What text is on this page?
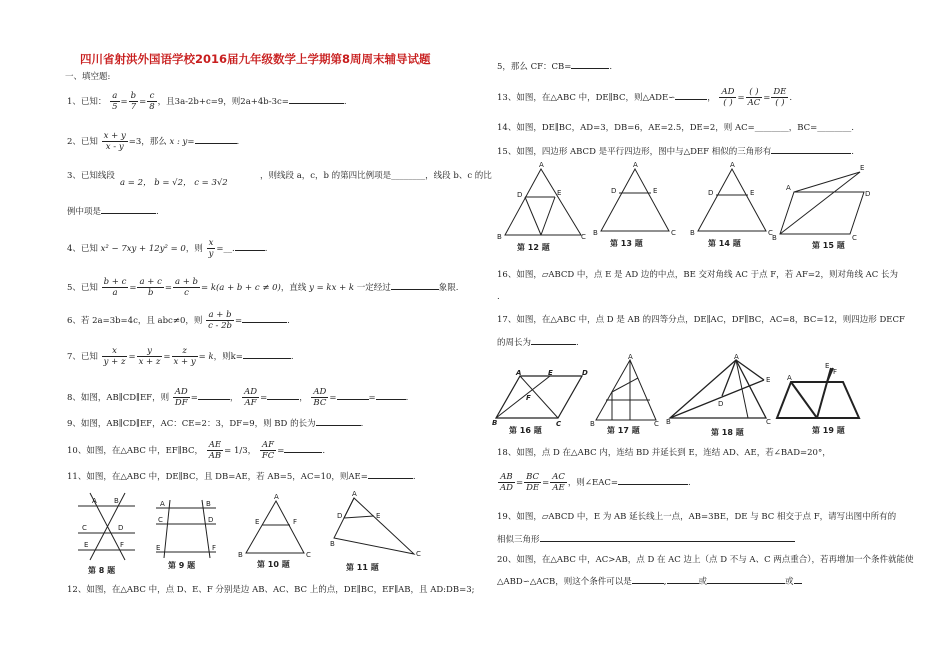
四川省射洪外国语学校2016届九年级数学上学期第8周周末辅导试题
一、填空题:
1、已知： $\frac{a}{5} = \frac{b}{7} = \frac{c}{8}$ ，且3a-2b+c=9，则2a+4b-3c=	.
2、已知 $\frac{x + y}{x - y} =3$，那么 x : y=	.
3、已知线段
a = 2， b = √2， c = 3√2
，则线段 a，c，b 的第四比例项是________，线段 b、c 的比
例中项是	.
4、已知 x² − 7xy + 12y² = 0，则 $\frac{x}{y}$ =__.	.
5、已知 $\frac{b + c}{a} = \frac{a + c}{b} = \frac{a + b}{c} = k(a + b + c \ne 0)$，直线 y = kx + k 一定经过	象限.
6、若 2a=3b=4c，且 abc≠0，则 $\frac{a + b}{c - 2b}$ =	.
7、已知 $\frac{x}{y + z} = \frac{y}{x + z} = \frac{z}{x + y} = k$，则k=	.
8、如图，AB∥CD∥EF，则 $\frac{AD}{DF}$ =	， $\frac{AD}{AF}$ =	， $\frac{AD}{BC}$ =	=	.
9、如图，AB∥CD∥EF，AC：CE=2：3，DF=9，则 BD 的长为	.
10、如图，在△ABC 中，EF∥BC， $\frac{AE}{AB} = 1/3$， $\frac{AF}{FC}$ =	.
11、如图，在△ABC 中，DE∥BC，且 DB=AE，若 AB=5，AC=10，则AE=	.
A B
C	D
E	F
第 8 题
A	B
C	D
E	F
第 9 题
A
E	F
B	C
第 10 题
A
D	E
B
C
第 11 题
12、如图，在△ABC 中，点 D、E、F 分别是边 AB、AC、BC 上的点，DE∥BC，EF∥AB，且 AD:DB=3;
5，那么 CF：CB=	.
13、如图，在△ABC 中，DE∥BC，则△ADE∽	， $\frac{AD}{( )} = \frac{( )}{AC} = \frac{DE}{( )}$ .
14、如图，DE∥BC，AD=3，DB=6，AE=2.5，DE=2，则 AC=________，BC=________.
15、如图，四边形 ABCD 是平行四边形，图中与△DEF 相似的三角形有	.
A
D	E
B	C
第 12 题
A
D	E
B	C
第 13 题
A
D	E
B	C
第 14 题
A
E
D
B	C
第 15 题
16、如图，▱ABCD 中，点 E 是 AD 边的中点，BE 交对角线 AC 于点 F，若 AF=2，则对角线 AC 长为
.
17、如图，在△ABC 中，点 D 是 AB 的四等分点，DE∥AC，DF∥BC，AC=8，BC=12，则四边形 DECF
的周长为	.
A	E	D
F
B	C
第 16 题
A
B	C
第 17 题
A
E
D
B	C
第 18 题
A
E
F
第 19 题
18、如图，点 D 在△ABC 内，连结 BD 并延长到 E，连结 AD、AE，若∠BAD=20°，
$\frac{AB}{AD} = \frac{BC}{DE} = \frac{AC}{AE}$ ，则∠EAC=	.
19、如图，▱ABCD 中，E 为 AB 延长线上一点，AB=3BE，DE 与 BC 相交于点 F，请写出图中所有的
相似三角形
20、如图，在△ABC 中，AC>AB，点 D 在 AC 边上（点 D 不与 A、C 两点重合），若再增加一个条件就能使
△ABD∽△ACB，则这个条件可以是	,	或	或
